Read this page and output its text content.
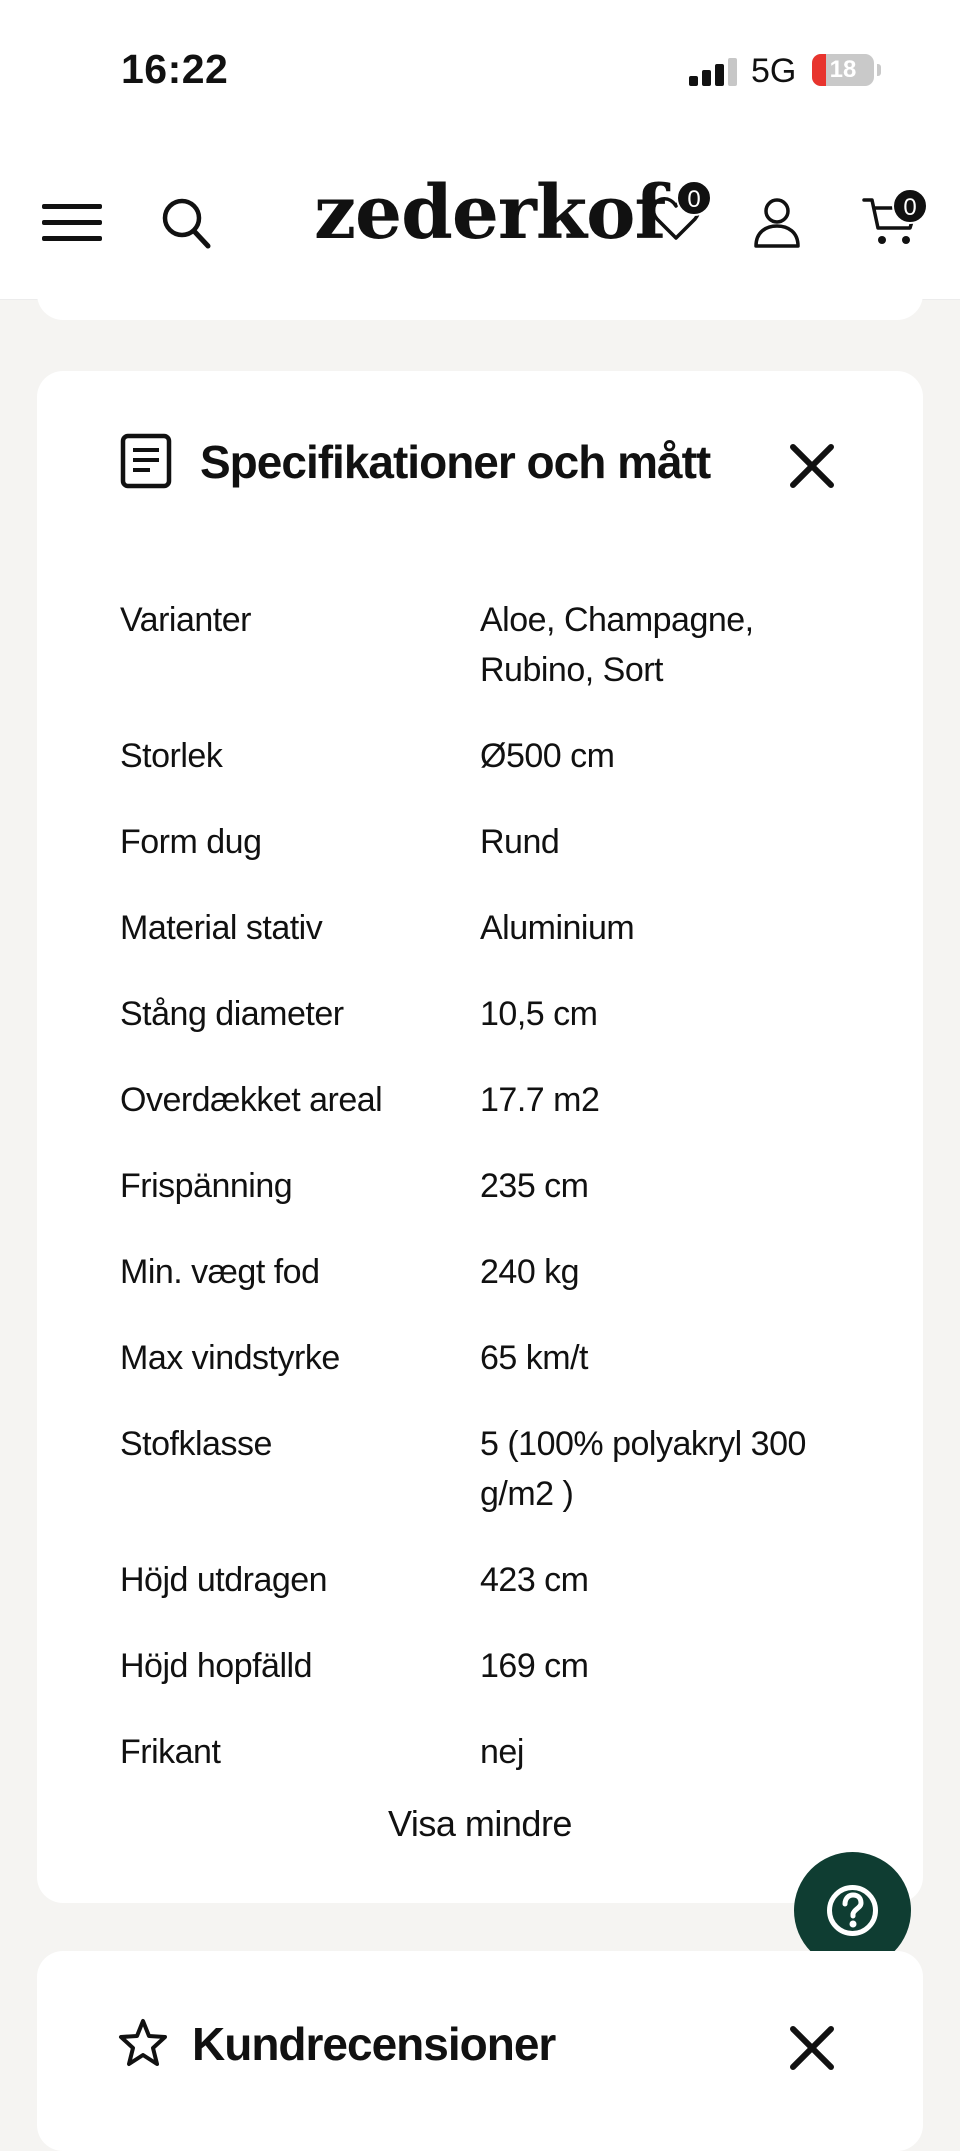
16:22	5G	18
zederkof 0	0
Specifikationer och mått
Varianter	Aloe, Champagne, Rubino, Sort
Storlek	Ø500 cm
Form dug	Rund
Material stativ	Aluminium
Stång diameter	10,5 cm
Overdækket areal	17.7 m2
Frispänning	235 cm
Min. vægt fod	240 kg
Max vindstyrke	65 km/t
Stofklasse	5 (100% polyakryl 300 g/m2 )
Höjd utdragen	423 cm
Höjd hopfälld	169 cm
Frikant	nej
Visa mindre
Kundrecensioner
